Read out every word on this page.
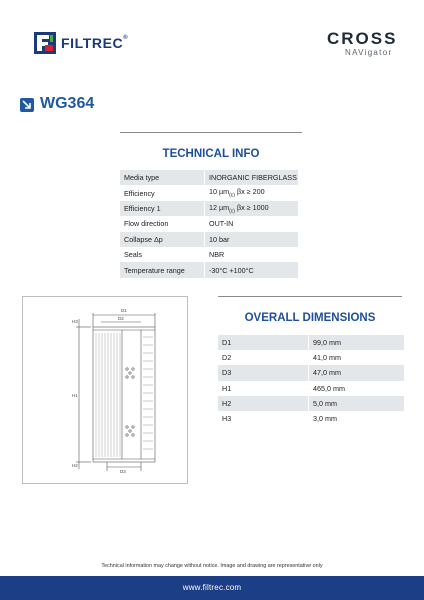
FILTREC®	CROSS
NAVigator
WG364
TECHNICAL INFO
Media type	INORGANIC FIBERGLASS
Efficiency	10 µm$_{(c)}$ βx ≥ 200
Efficiency 1	12 µm$_{(c)}$ βx ≥ 1000
Flow direction	OUT-IN
Collapse Δp	10 bar
Seals	NBR
Temperature range	-30°C +100°C
D1
D2
D3
H1
H3
H2
OVERALL DIMENSIONS
D1	99,0 mm
D2	41,0 mm
D3	47,0 mm
H1	465,0 mm
H2	5,0 mm
H3	3,0 mm
Technical information may change without notice. Image and drawing are representative only
www.filtrec.com
